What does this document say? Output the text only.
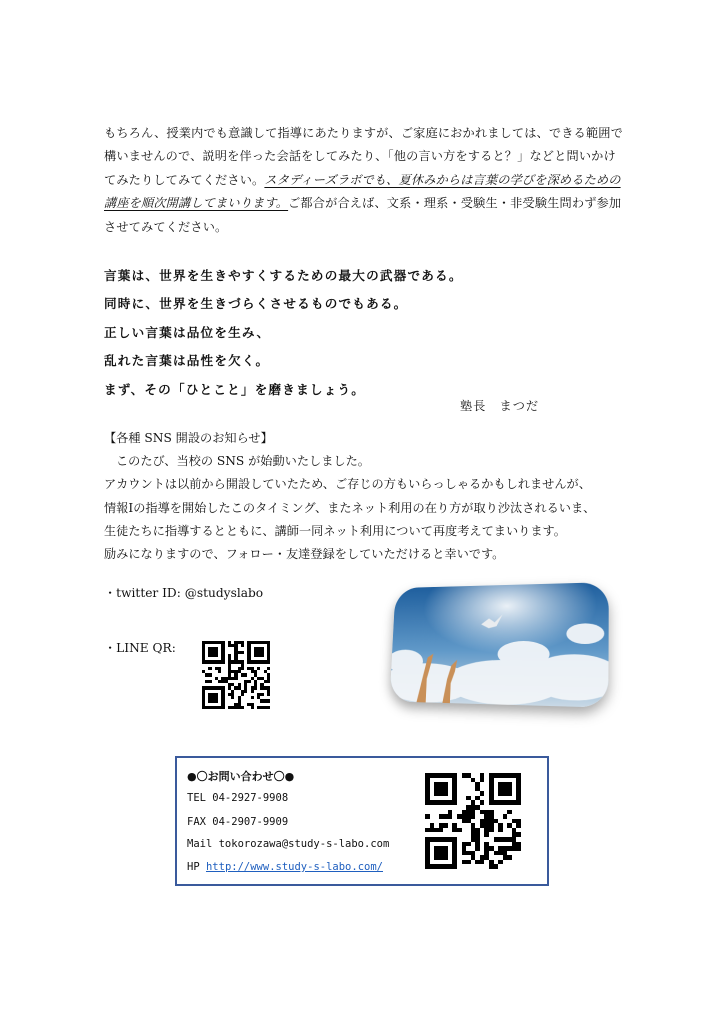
もちろん、授業内でも意識して指導にあたりますが、ご家庭におかれましては、できる範囲で構いませんので、説明を伴った会話をしてみたり、「他の言い方をすると？」などと問いかけてみたりしてみてください。スタディーズラボでも、夏休みからは言葉の学びを深めるための講座を順次開講してまいります。ご都合が合えば、文系・理系・受験生・非受験生問わず参加させてみてください。
言葉は、世界を生きやすくするための最大の武器である。
同時に、世界を生きづらくさせるものでもある。
正しい言葉は品位を生み、
乱れた言葉は品性を欠く。
まず、その「ひとこと」を磨きましょう。
塾長　まつだ
【各種 SNS 開設のお知らせ】
このたび、当校の SNS が始動いたしました。
アカウントは以前から開設していたため、ご存じの方もいらっしゃるかもしれませんが、
情報Ⅰの指導を開始したこのタイミング、またネット利用の在り方が取り沙汰されるいま、
生徒たちに指導するとともに、講師一同ネット利用について再度考えてまいります。
励みになりますので、フォロー・友達登録をしていただけると幸いです。
・twitter ID: @studyslabo
・LINE QR:
●〇お問い合わせ〇●
TEL 04-2927-9908
FAX 04-2907-9909
Mail tokorozawa@study-s-labo.com
HP http://www.study-s-labo.com/
